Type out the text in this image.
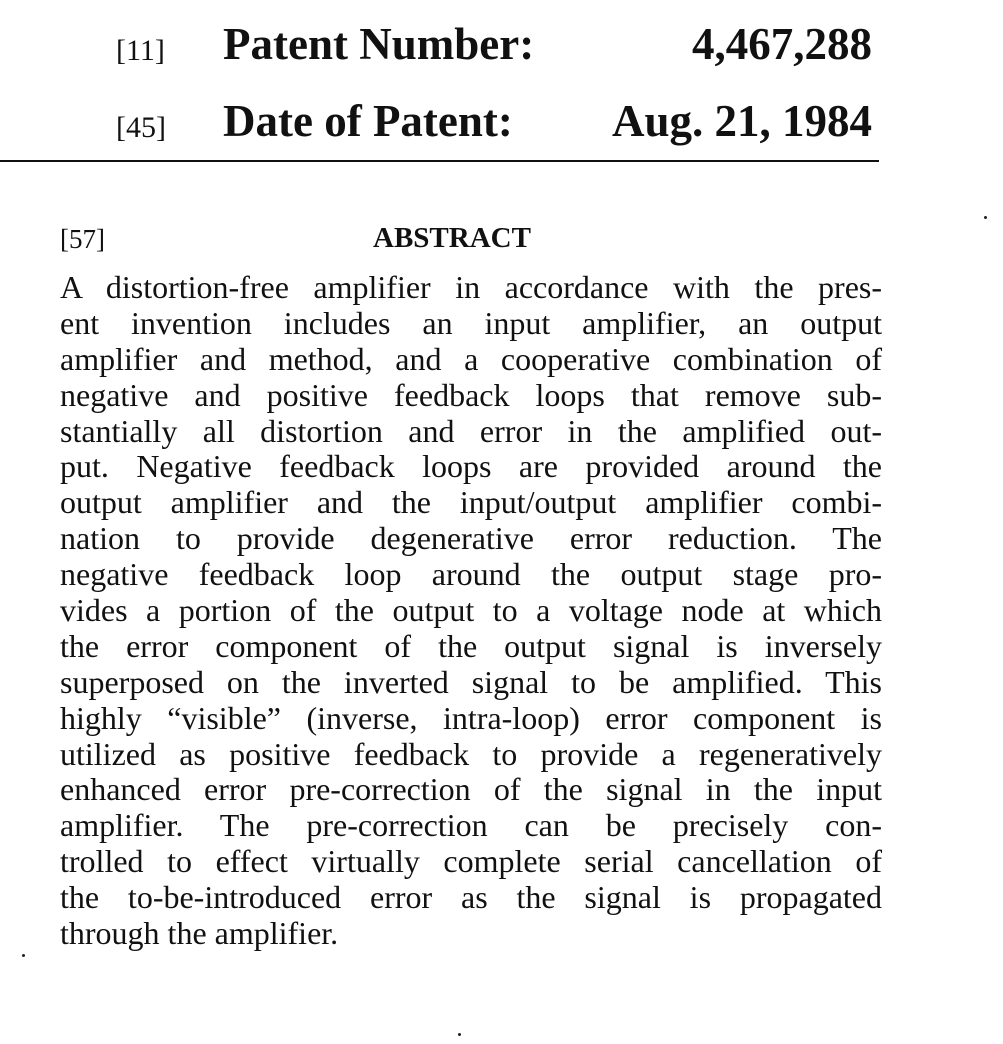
[11] Patent Number:	4,467,288
[45] Date of Patent: Aug. 21, 1984
[57]	ABSTRACT
A distortion-free amplifier in accordance with the pres-
ent invention includes an input amplifier, an output
amplifier and method, and a cooperative combination of
negative and positive feedback loops that remove sub-
stantially all distortion and error in the amplified out-
put. Negative feedback loops are provided around the
output amplifier and the input/output amplifier combi-
nation to provide degenerative error reduction. The
negative feedback loop around the output stage pro-
vides a portion of the output to a voltage node at which
the error component of the output signal is inversely
superposed on the inverted signal to be amplified. This
highly “visible” (inverse, intra-loop) error component is
utilized as positive feedback to provide a regeneratively
enhanced error pre-correction of the signal in the input
amplifier. The pre-correction can be precisely con-
trolled to effect virtually complete serial cancellation of
the to-be-introduced error as the signal is propagated
through the amplifier.
